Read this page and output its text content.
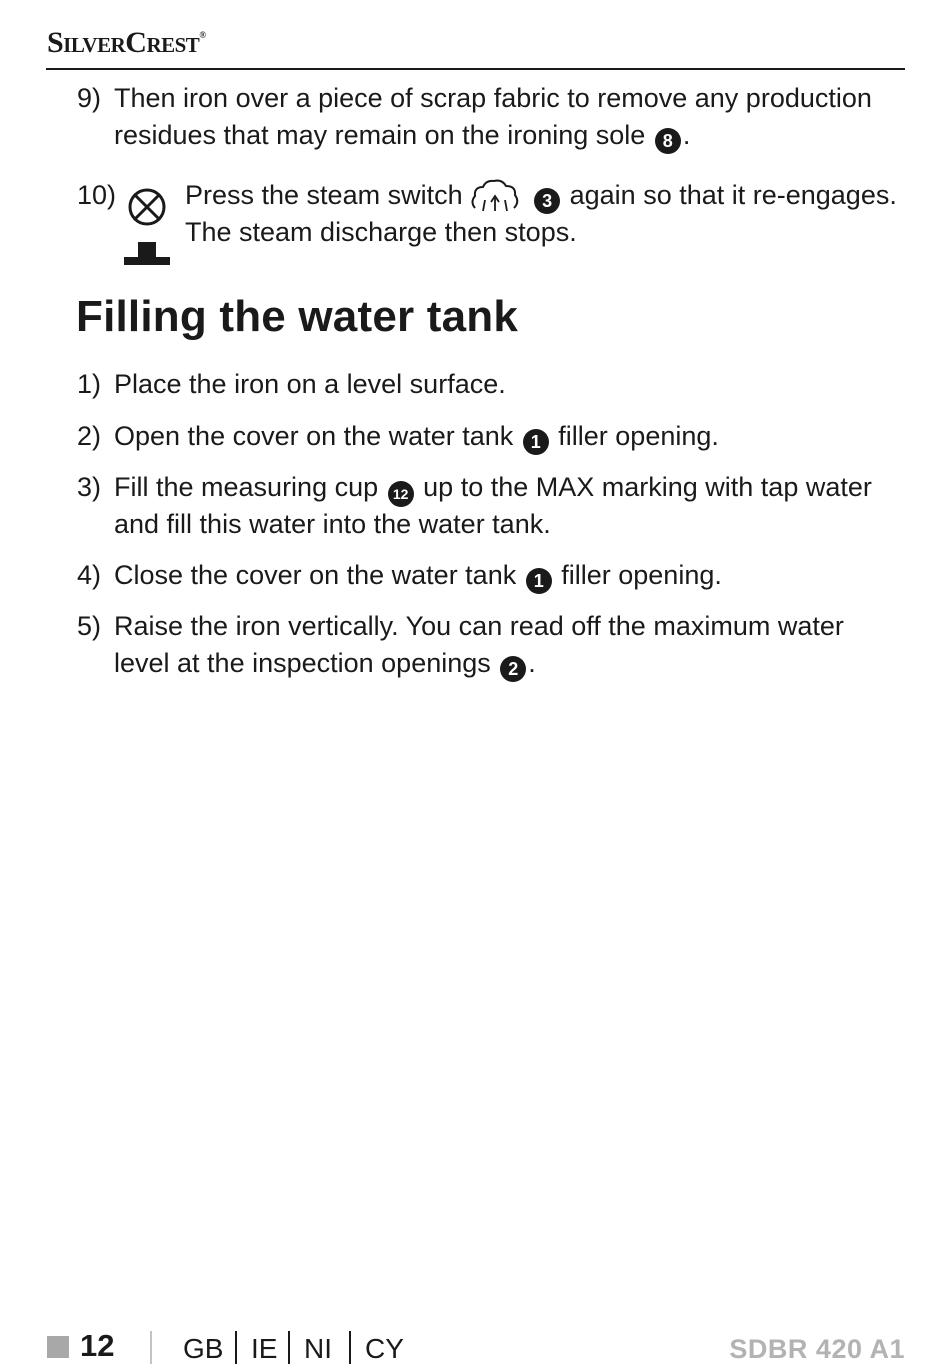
SilverCrest®
9) Then iron over a piece of scrap fabric to remove any production
residues that may remain on the ironing sole 8 .
10)	Press the steam switch	3 again so that it re-engages.
The steam discharge then stops.
Filling the water tank
1) Place the iron on a level surface.
2) Open the cover on the water tank 1 filler opening.
3) Fill the measuring cup 12 up to the MAX marking with tap water
and fill this water into the water tank.
4) Close the cover on the water tank 1 filler opening.
5) Raise the iron vertically. You can read off the maximum water
level at the inspection openings 2 .
12 GB IE NI CY	SDBR 420 A1
